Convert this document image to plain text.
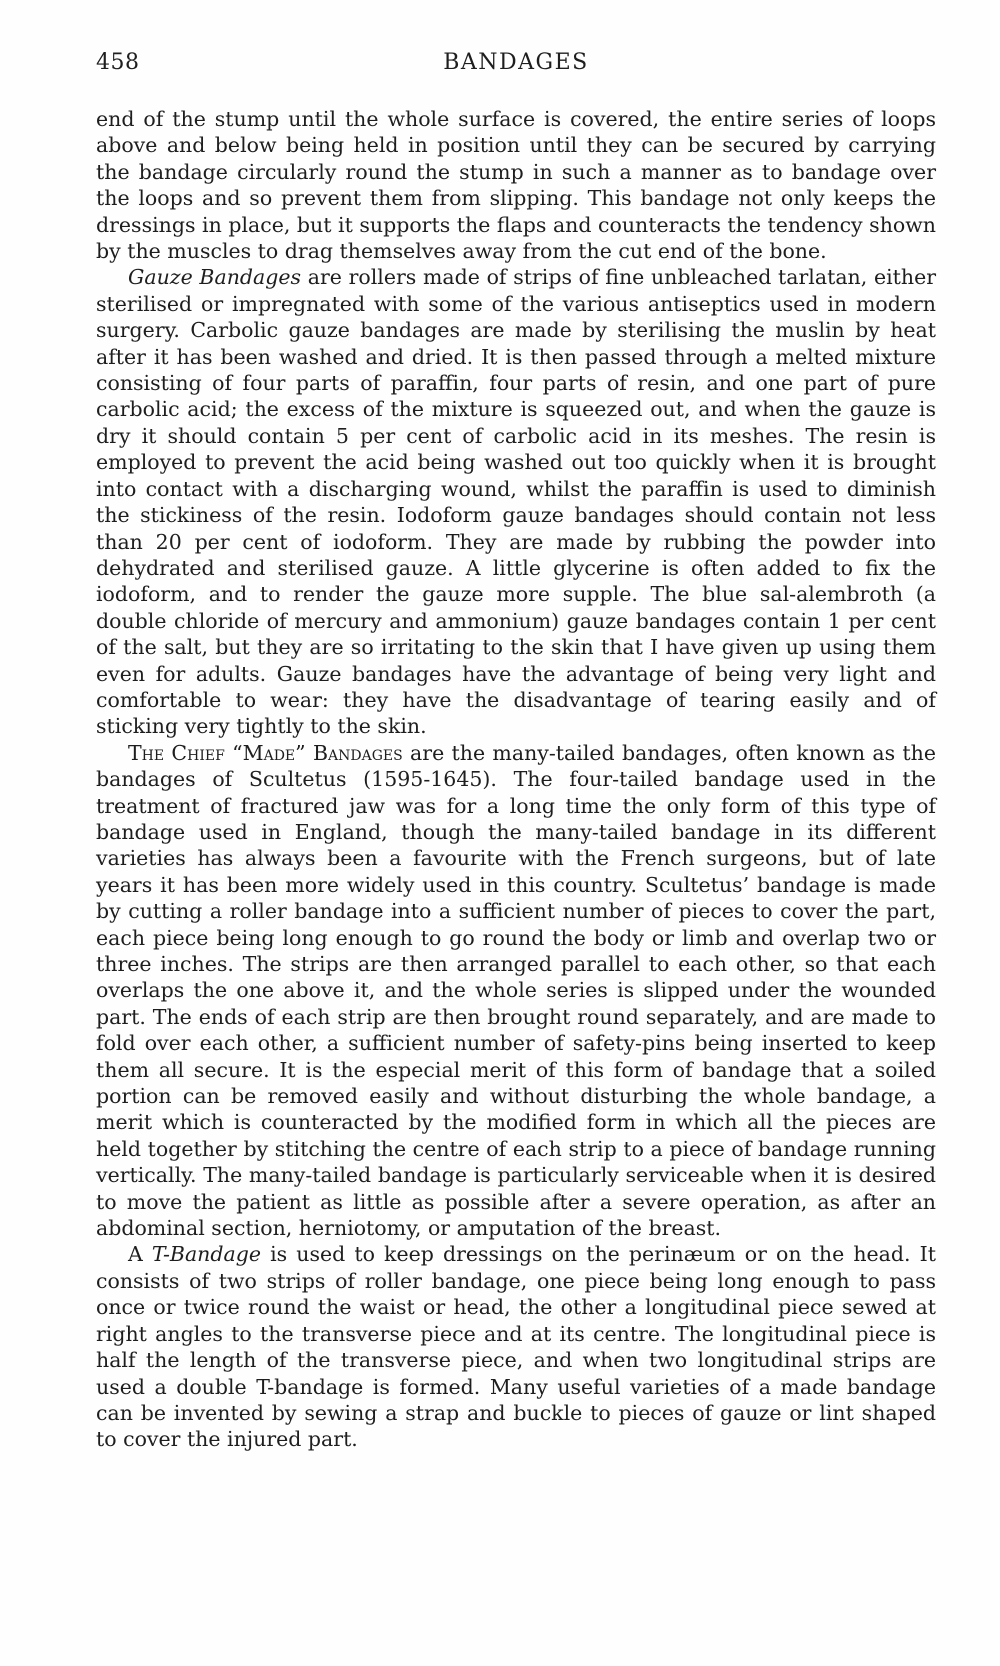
458	BANDAGES

end of the stump until the whole surface is covered, the entire series of loops above and below being held in position until they can be secured by carrying the bandage circularly round the stump in such a manner as to bandage over the loops and so prevent them from slipping. This bandage not only keeps the dressings in place, but it supports the flaps and counteracts the tendency shown by the muscles to drag themselves away from the cut end of the bone.

Gauze Bandages are rollers made of strips of fine unbleached tarlatan, either sterilised or impregnated with some of the various antiseptics used in modern surgery. Carbolic gauze bandages are made by sterilising the muslin by heat after it has been washed and dried. It is then passed through a melted mixture consisting of four parts of paraffin, four parts of resin, and one part of pure carbolic acid; the excess of the mixture is squeezed out, and when the gauze is dry it should contain 5 per cent of carbolic acid in its meshes. The resin is employed to prevent the acid being washed out too quickly when it is brought into contact with a discharging wound, whilst the paraffin is used to diminish the stickiness of the resin. Iodoform gauze bandages should contain not less than 20 per cent of iodoform. They are made by rubbing the powder into dehydrated and sterilised gauze. A little glycerine is often added to fix the iodoform, and to render the gauze more supple. The blue sal-alembroth (a double chloride of mercury and ammonium) gauze bandages contain 1 per cent of the salt, but they are so irritating to the skin that I have given up using them even for adults. Gauze bandages have the advantage of being very light and comfortable to wear: they have the disadvantage of tearing easily and of sticking very tightly to the skin.

The Chief “Made” Bandages are the many-tailed bandages, often known as the bandages of Scultetus (1595-1645). The four-tailed bandage used in the treatment of fractured jaw was for a long time the only form of this type of bandage used in England, though the many-tailed bandage in its different varieties has always been a favourite with the French surgeons, but of late years it has been more widely used in this country. Scultetus’ bandage is made by cutting a roller bandage into a sufficient number of pieces to cover the part, each piece being long enough to go round the body or limb and overlap two or three inches. The strips are then arranged parallel to each other, so that each overlaps the one above it, and the whole series is slipped under the wounded part. The ends of each strip are then brought round separately, and are made to fold over each other, a sufficient number of safety-pins being inserted to keep them all secure. It is the especial merit of this form of bandage that a soiled portion can be removed easily and without disturbing the whole bandage, a merit which is counteracted by the modified form in which all the pieces are held together by stitching the centre of each strip to a piece of bandage running vertically. The many-tailed bandage is particularly serviceable when it is desired to move the patient as little as possible after a severe operation, as after an abdominal section, herniotomy, or amputation of the breast.

A T-Bandage is used to keep dressings on the perinæum or on the head. It consists of two strips of roller bandage, one piece being long enough to pass once or twice round the waist or head, the other a longitudinal piece sewed at right angles to the transverse piece and at its centre. The longitudinal piece is half the length of the transverse piece, and when two longitudinal strips are used a double T-bandage is formed. Many useful varieties of a made bandage can be invented by sewing a strap and buckle to pieces of gauze or lint shaped to cover the injured part.
